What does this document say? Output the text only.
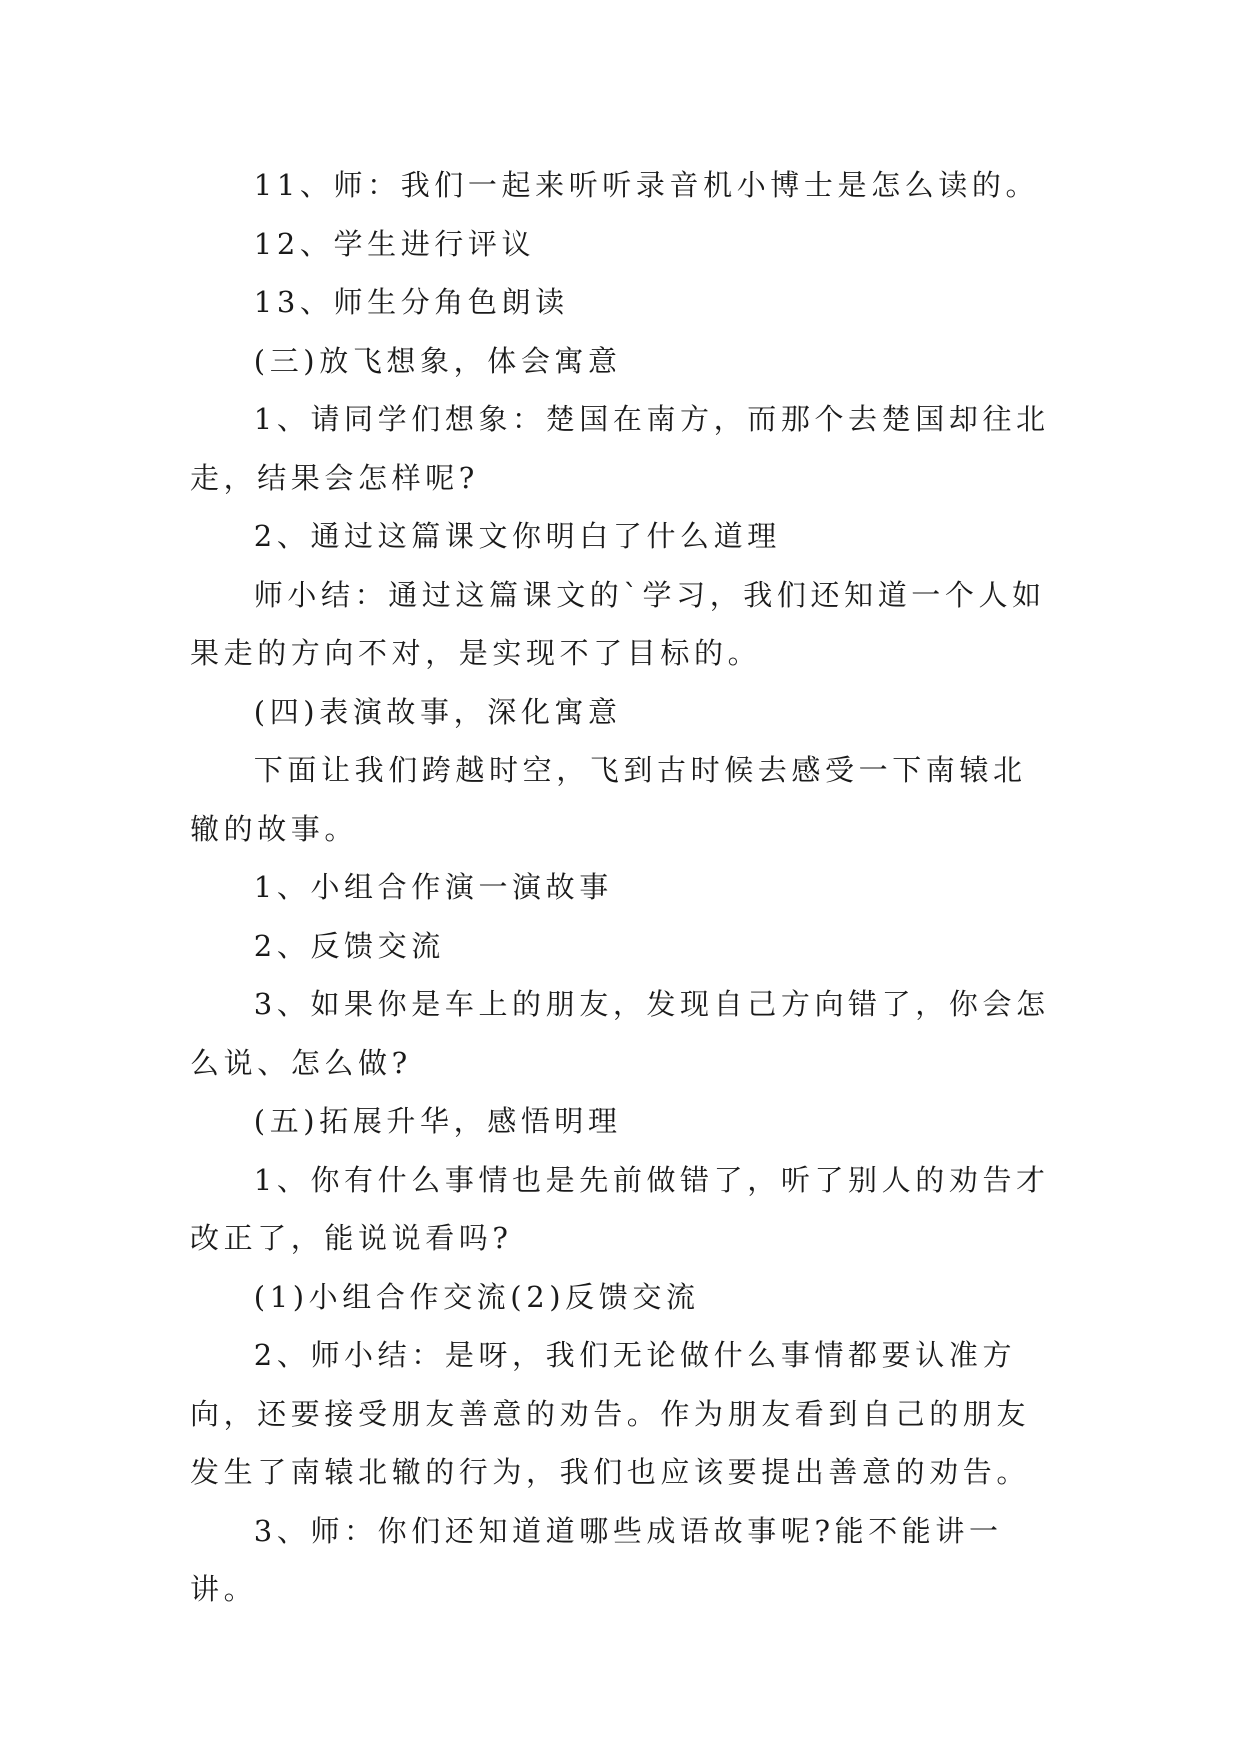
11、师：我们一起来听听录音机小博士是怎么读的。

12、学生进行评议

13、师生分角色朗读

(三)放飞想象，体会寓意

1、请同学们想象：楚国在南方，而那个去楚国却往北走，结果会怎样呢?

2、通过这篇课文你明白了什么道理

师小结：通过这篇课文的`学习，我们还知道一个人如果走的方向不对，是实现不了目标的。

(四)表演故事，深化寓意

下面让我们跨越时空，飞到古时候去感受一下南辕北辙的故事。

1、小组合作演一演故事

2、反馈交流

3、如果你是车上的朋友，发现自己方向错了，你会怎么说、怎么做?

(五)拓展升华，感悟明理

1、你有什么事情也是先前做错了，听了别人的劝告才改正了，能说说看吗?

(1)小组合作交流(2)反馈交流

2、师小结：是呀，我们无论做什么事情都要认准方向，还要接受朋友善意的劝告。作为朋友看到自己的朋友发生了南辕北辙的行为，我们也应该要提出善意的劝告。

3、师：你们还知道道哪些成语故事呢?能不能讲一讲。
